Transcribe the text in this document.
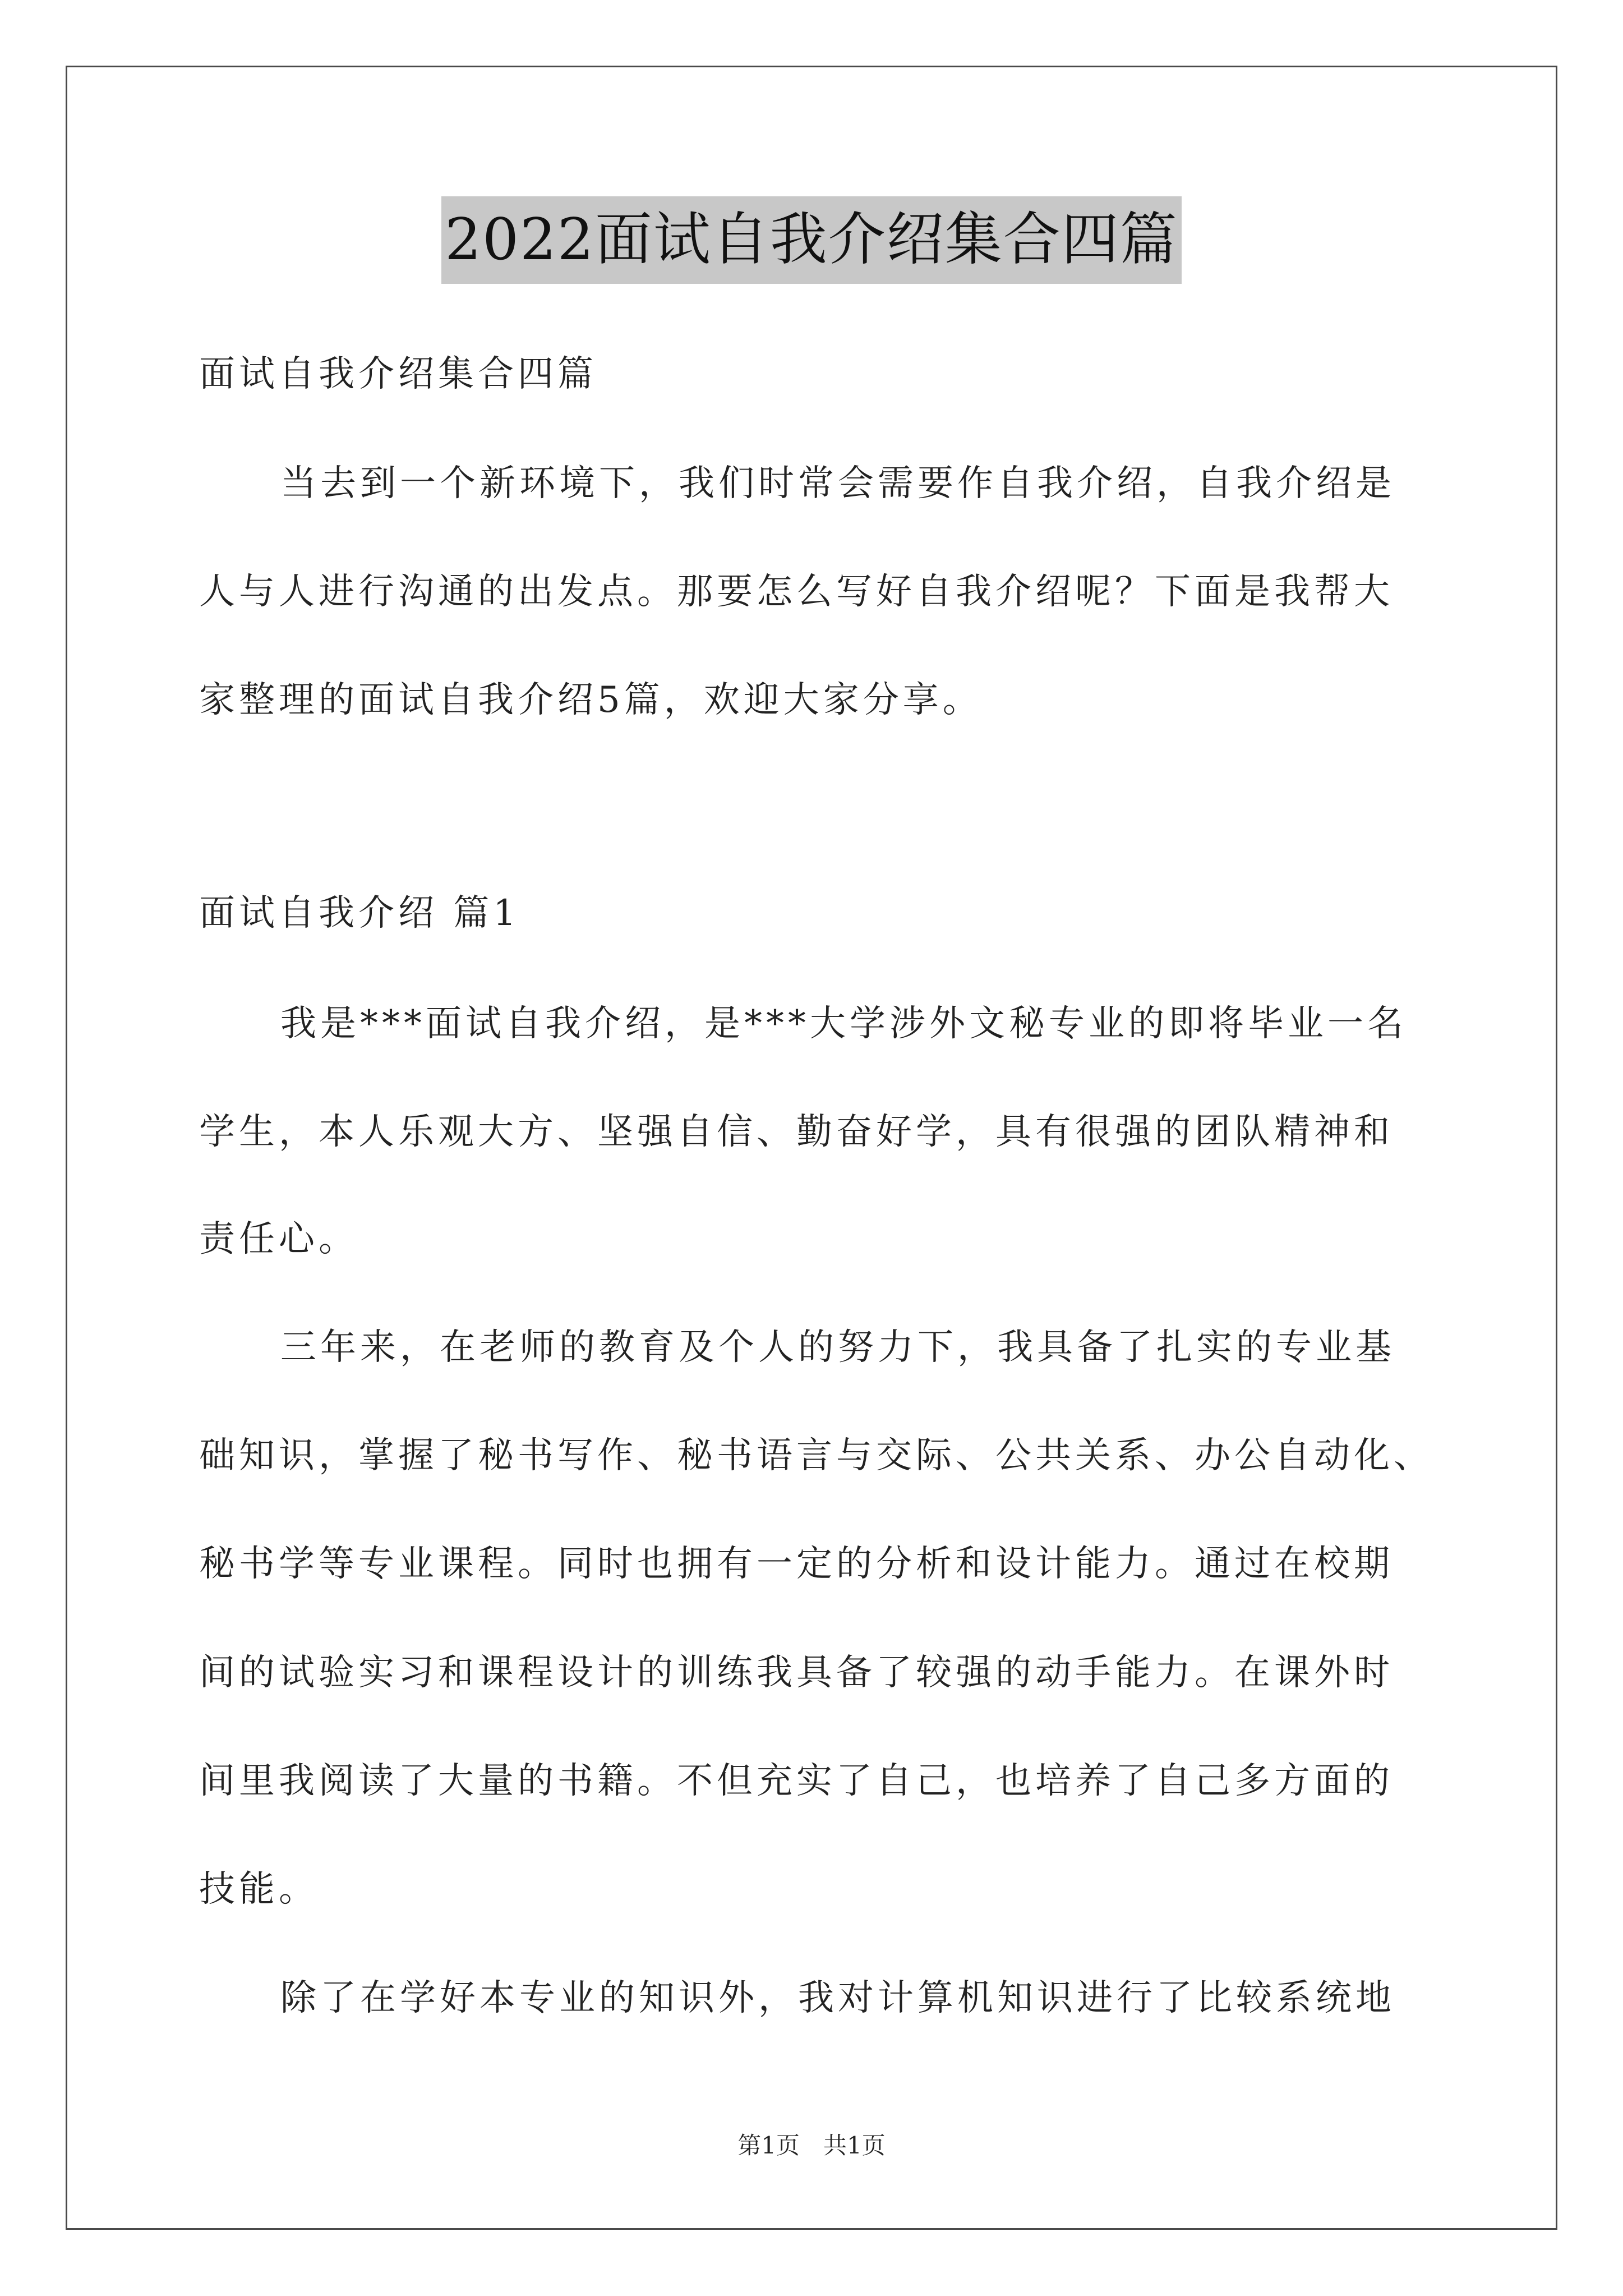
2022面试自我介绍集合四篇
面试自我介绍集合四篇
当去到一个新环境下，我们时常会需要作自我介绍，自我介绍是
人与人进行沟通的出发点。那要怎么写好自我介绍呢？下面是我帮大
家整理的面试自我介绍5篇，欢迎大家分享。
面试自我介绍 篇1
我是***面试自我介绍，是***大学涉外文秘专业的即将毕业一名
学生，本人乐观大方、坚强自信、勤奋好学，具有很强的团队精神和
责任心。
三年来，在老师的教育及个人的努力下，我具备了扎实的专业基
础知识，掌握了秘书写作、秘书语言与交际、公共关系、办公自动化、
秘书学等专业课程。同时也拥有一定的分析和设计能力。通过在校期
间的试验实习和课程设计的训练我具备了较强的动手能力。在课外时
间里我阅读了大量的书籍。不但充实了自己，也培养了自己多方面的
技能。
除了在学好本专业的知识外，我对计算机知识进行了比较系统地
第1页　共1页
